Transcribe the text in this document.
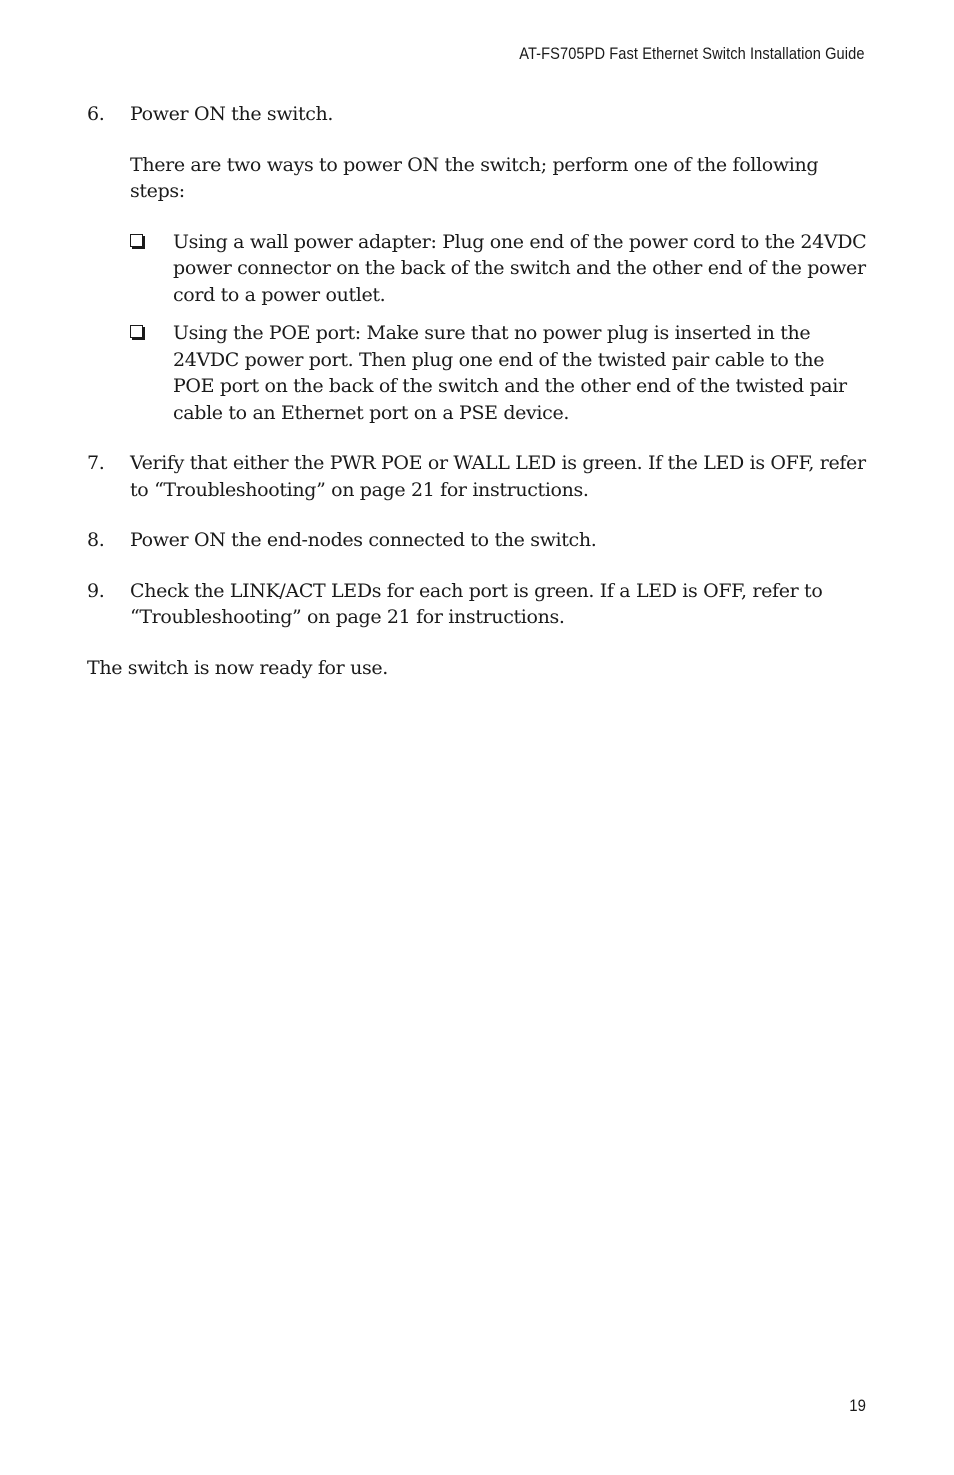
AT-FS705PD Fast Ethernet Switch Installation Guide
6. Power ON the switch.

There are two ways to power ON the switch; perform one of the following steps:

Using a wall power adapter: Plug one end of the power cord to the 24VDC power connector on the back of the switch and the other end of the power cord to a power outlet.
Using the POE port: Make sure that no power plug is inserted in the 24VDC power port. Then plug one end of the twisted pair cable to the POE port on the back of the switch and the other end of the twisted pair cable to an Ethernet port on a PSE device.
7. Verify that either the PWR POE or WALL LED is green. If the LED is OFF, refer to “Troubleshooting” on page 21 for instructions.

8. Power ON the end-nodes connected to the switch.

9. Check the LINK/ACT LEDs for each port is green. If a LED is OFF, refer to “Troubleshooting” on page 21 for instructions.

The switch is now ready for use.

19
